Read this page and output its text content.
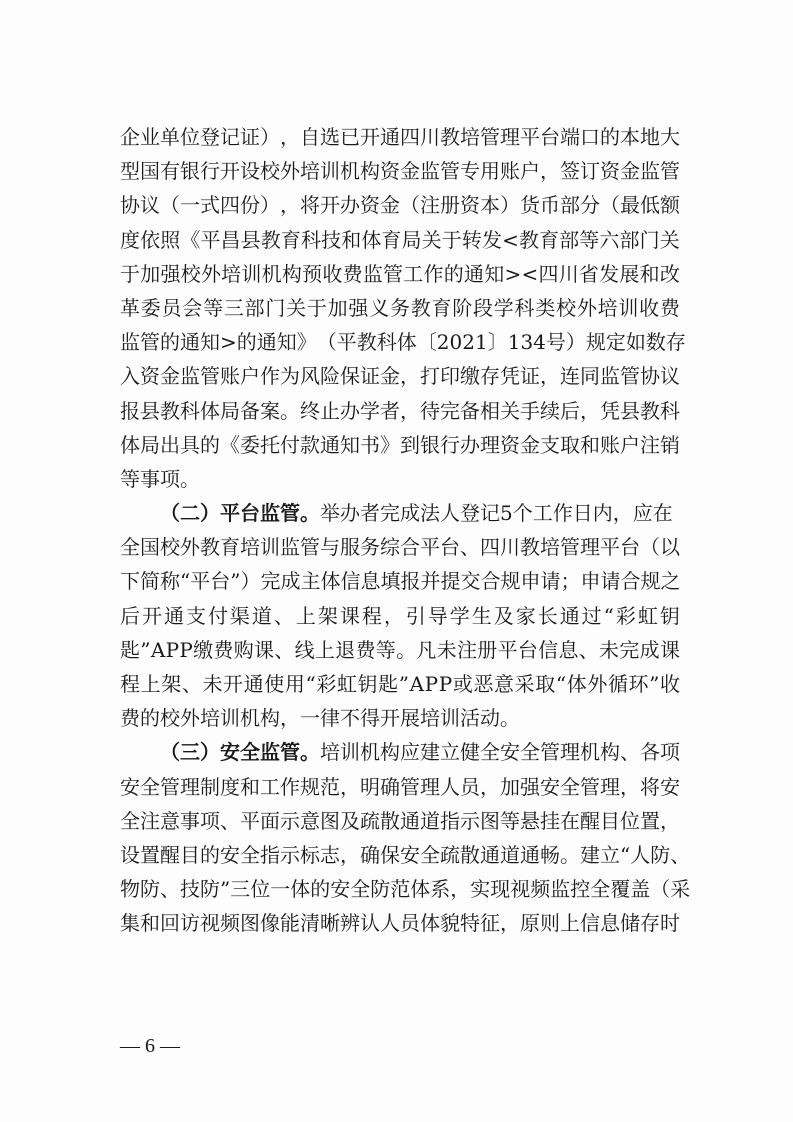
企 业 单 位 登 记 证 ） ， 自 选 已 开 通 四 川 教 培 管 理 平 台 端 口 的 本 地 大
型 国 有 银 行 开 设 校 外 培 训 机 构 资 金 监 管 专 用 账 户 ， 签 订 资 金 监 管
协 议 （ 一 式 四 份 ） ， 将 开 办 资 金 （ 注 册 资 本 ） 货 币 部 分 （ 最 低 额
度 依 照 《 平 昌 县 教 育 科 技 和 体 育 局 关 于 转 发 < 教 育 部 等 六 部 门 关
于 加 强 校 外 培 训 机 构 预 收 费 监 管 工 作 的 通 知 > < 四 川 省 发 展 和 改
革 委 员 会 等 三 部 门 关 于 加 强 义 务 教 育 阶 段 学 科 类 校 外 培 训 收 费
监 管 的 通 知 > 的 通 知 》 （ 平 教 科 体 〔 2 0 2 1 〕 1 3 4 号 ） 规 定 如 数 存
入 资 金 监 管 账 户 作 为 风 险 保 证 金 ， 打 印 缴 存 凭 证 ， 连 同 监 管 协 议
报 县 教 科 体 局 备 案 。 终 止 办 学 者 ， 待 完 备 相 关 手 续 后 ， 凭 县 教 科
体 局 出 具 的 《 委 托 付 款 通 知 书 》 到 银 行 办 理 资 金 支 取 和 账 户 注 销
等事项。
（二）平台监管。举办者完成法人登记5个工作日内，应在
全 国 校 外 教 育 培 训 监 管 与 服 务 综 合 平 台 、 四 川 教 培 管 理 平 台 （ 以
下 简 称 “ 平 台 ” ） 完 成 主 体 信 息 填 报 并 提 交 合 规 申 请 ； 申 请 合 规 之
后 开 通 支 付 渠 道 、 上 架 课 程 ， 引 导 学 生 及 家 长 通 过 “ 彩 虹 钥
匙 ” A P P 缴 费 购 课 、 线 上 退 费 等 。 凡 未 注 册 平 台 信 息 、 未 完 成 课
程 上 架 、 未 开 通 使 用 “ 彩 虹 钥 匙 ” A P P 或 恶 意 采 取 “ 体 外 循 环 ” 收
费的校外培训机构，一律不得开展培训活动。
（三）安全监管。培训机构应建立健全安全管理机构、各项
安 全 管 理 制 度 和 工 作 规 范 ， 明 确 管 理 人 员 ， 加 强 安 全 管 理 ， 将 安
全 注 意 事 项 、 平 面 示 意 图 及 疏 散 通 道 指 示 图 等 悬 挂 在 醒 目 位 置 ，
设 置 醒 目 的 安 全 指 示 标 志 ， 确 保 安 全 疏 散 通 道 通 畅 。 建 立 “ 人 防 、
物 防 、 技 防 ” 三 位 一 体 的 安 全 防 范 体 系 ， 实 现 视 频 监 控 全 覆 盖 （ 采
集 和 回 访 视 频 图 像 能 清 晰 辨 认 人 员 体 貌 特 征 ， 原 则 上 信 息 储 存 时
— 6 —
